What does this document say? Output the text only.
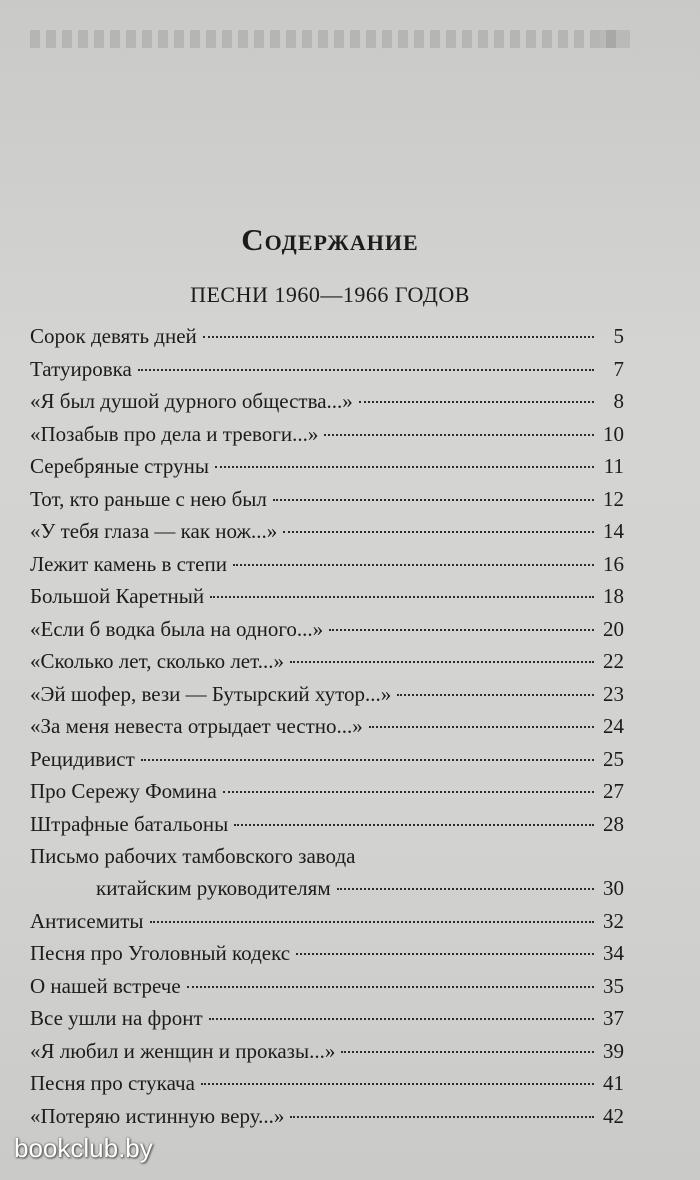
Содержание
ПЕСНИ 1960—1966 ГОДОВ
Сорок девять дней	5
Татуировка	7
«Я был душой дурного общества...»	8
«Позабыв про дела и тревоги...»	10
Серебряные струны	11
Тот, кто раньше с нею был	12
«У тебя глаза — как нож...»	14
Лежит камень в степи	16
Большой Каретный	18
«Если б водка была на одного...»	20
«Сколько лет, сколько лет...»	22
«Эй шофер, вези — Бутырский хутор...»	23
«За меня невеста отрыдает честно...»	24
Рецидивист	25
Про Сережу Фомина	27
Штрафные батальоны	28
Письмо рабочих тамбовского завода
китайским руководителям	30
Антисемиты	32
Песня про Уголовный кодекс	34
О нашей встрече	35
Все ушли на фронт	37
«Я любил и женщин и проказы...»	39
Песня про стукача	41
«Потеряю истинную веру...»	42
bookclub.by
